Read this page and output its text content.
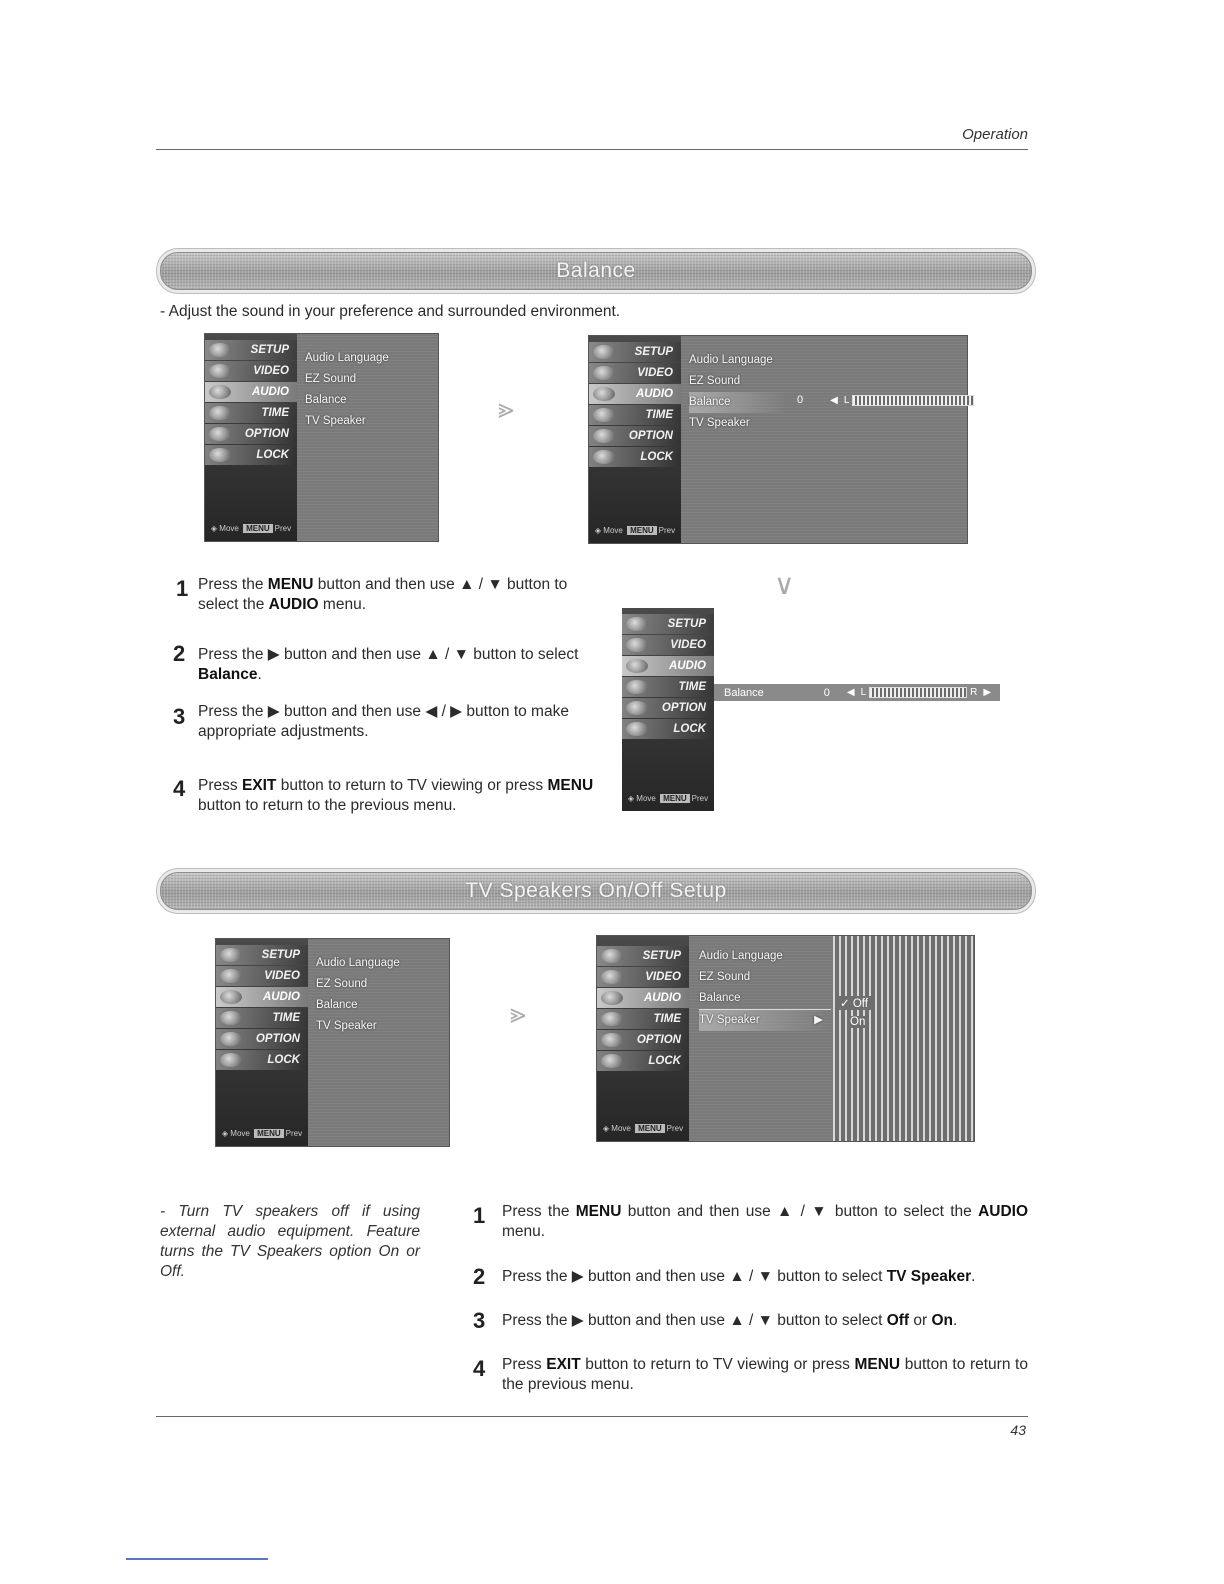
Operation
Balance
- Adjust the sound in your preference and surrounded environment.
SETUP
VIDEO
AUDIO
TIME
OPTION
LOCK
◈ Move MENU Prev
Audio Language
EZ Sound
Balance
TV Speaker	⪢
SETUP
VIDEO
AUDIO
TIME
OPTION
LOCK
◈ Move MENU Prev
Audio Language
EZ Sound
Balance
TV Speaker
0	◀ L	R ▶
∨
SETUP
VIDEO
AUDIO
TIME
OPTION
LOCK
◈ Move MENU Prev
Balance	0 ◀ L	R ▶
1 Press the MENU button and then use ▲ / ▼ button to select the AUDIO menu.
2 Press the ▶ button and then use ▲ / ▼ button to select Balance.
3 Press the ▶ button and then use ◀ / ▶ button to make appropriate adjustments.
4 Press EXIT button to return to TV viewing or press MENU button to return to the previous menu.
TV Speakers On/Off Setup
SETUP
VIDEO
AUDIO
TIME
OPTION
LOCK
◈ Move MENU Prev
Audio Language
EZ Sound
Balance
TV Speaker	⪢
SETUP
VIDEO
AUDIO
TIME
OPTION
LOCK
◈ Move MENU Prev
Audio Language
EZ Sound
Balance
TV Speaker	▶
✓ Off
On
- Turn TV speakers off if using external audio equipment. Feature turns the TV Speakers option On or Off.
1 Press the MENU button and then use ▲ / ▼ button to select the AUDIO menu.
2 Press the ▶ button and then use ▲ / ▼ button to select TV Speaker.
3 Press the ▶ button and then use ▲ / ▼ button to select Off or On.
4 Press EXIT button to return to TV viewing or press MENU button to return to the previous menu.
43
